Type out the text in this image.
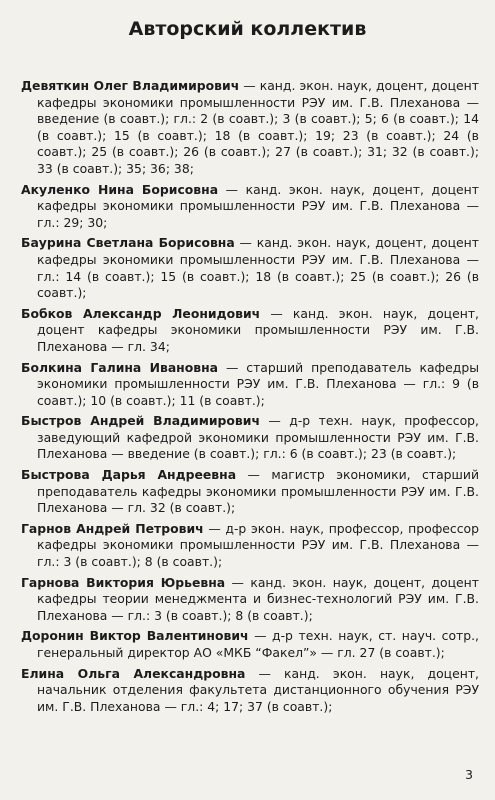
Авторский коллектив

Девяткин Олег Владимирович — канд. экон. наук, доцент, доцент кафедры экономики промышленности РЭУ им. Г.В. Плеханова — введение (в соавт.); гл.: 2 (в соавт.); 3 (в соавт.); 5; 6 (в соавт.); 14 (в соавт.); 15 (в соавт.); 18 (в соавт.); 19; 23 (в соавт.); 24 (в соавт.); 25 (в соавт.); 26 (в соавт.); 27 (в соавт.); 31; 32 (в соавт.); 33 (в соавт.); 35; 36; 38;

Акуленко Нина Борисовна — канд. экон. наук, доцент, доцент кафедры экономики промышленности РЭУ им. Г.В. Плеханова — гл.: 29; 30;

Баурина Светлана Борисовна — канд. экон. наук, доцент, доцент кафедры экономики промышленности РЭУ им. Г.В. Плеханова — гл.: 14 (в соавт.); 15 (в соавт.); 18 (в соавт.); 25 (в соавт.); 26 (в соавт.);

Бобков Александр Леонидович — канд. экон. наук, доцент, доцент кафедры экономики промышленности РЭУ им. Г.В. Плеханова — гл. 34;

Болкина Галина Ивановна — старший преподаватель кафедры экономики промышленности РЭУ им. Г.В. Плеханова — гл.: 9 (в соавт.); 10 (в соавт.); 11 (в соавт.);

Быстров Андрей Владимирович — д-р техн. наук, профессор, заведующий кафедрой экономики промышленности РЭУ им. Г.В. Плеханова — введение (в соавт.); гл.: 6 (в соавт.); 23 (в соавт.);

Быстрова Дарья Андреевна — магистр экономики, старший преподаватель кафедры экономики промышленности РЭУ им. Г.В. Плеханова — гл. 32 (в соавт.);

Гарнов Андрей Петрович — д-р экон. наук, профессор, профессор кафедры экономики промышленности РЭУ им. Г.В. Плеханова — гл.: 3 (в соавт.); 8 (в соавт.);

Гарнова Виктория Юрьевна — канд. экон. наук, доцент, доцент кафедры теории менеджмента и бизнес-технологий РЭУ им. Г.В. Плеханова — гл.: 3 (в соавт.); 8 (в соавт.);

Доронин Виктор Валентинович — д-р техн. наук, ст. науч. сотр., генеральный директор АО «МКБ “Факел”» — гл. 27 (в соавт.);

Елина Ольга Александровна — канд. экон. наук, доцент, начальник отделения факультета дистанционного обучения РЭУ им. Г.В. Плеханова — гл.: 4; 17; 37 (в соавт.);

3
